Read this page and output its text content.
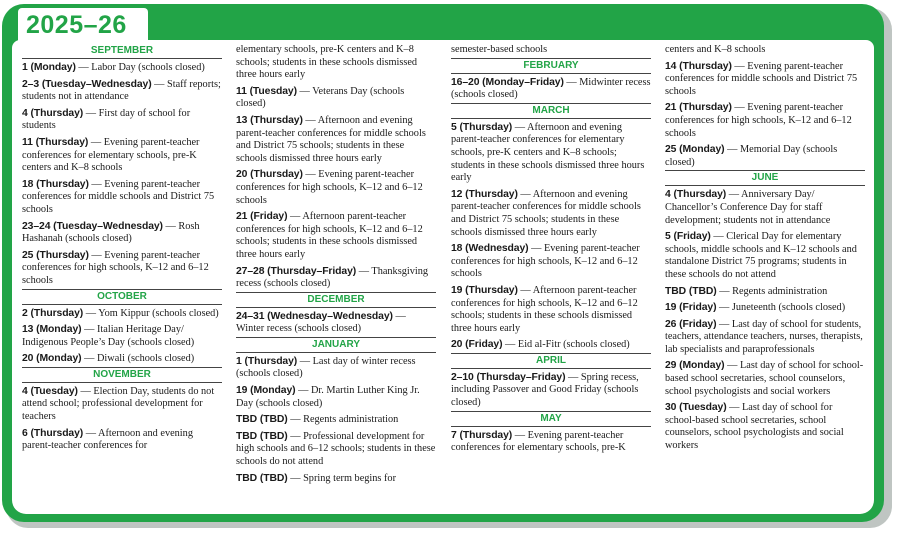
2025–26
SEPTEMBER
1 (Monday) — Labor Day (schools closed)
2–3 (Tuesday–Wednesday) — Staff reports; students not in attendance
4 (Thursday) — First day of school for students
11 (Thursday) — Evening parent-teacher conferences for elementary schools, pre-K centers and K–8 schools
18 (Thursday) — Evening parent-teacher conferences for middle schools and District 75 schools
23–24 (Tuesday–Wednesday) — Rosh Hashanah (schools closed)
25 (Thursday) — Evening parent-teacher conferences for high schools, K–12 and 6–12 schools
OCTOBER
2 (Thursday) — Yom Kippur (schools closed)
13 (Monday) — Italian Heritage Day/ Indigenous People’s Day (schools closed)
20 (Monday) — Diwali (schools closed)
NOVEMBER
4 (Tuesday) — Election Day, students do not attend school; professional development for teachers
6 (Thursday) — Afternoon and evening parent-teacher conferences for
elementary schools, pre-K centers and K–8 schools; students in these schools dismissed three hours early
11 (Tuesday) — Veterans Day (schools closed)
13 (Thursday) — Afternoon and evening parent-teacher conferences for middle schools and District 75 schools; students in these schools dismissed three hours early
20 (Thursday) — Evening parent-teacher conferences for high schools, K–12 and 6–12 schools
21 (Friday) — Afternoon parent-teacher conferences for high schools, K–12 and 6–12 schools; students in these schools dismissed three hours early
27–28 (Thursday–Friday) — Thanksgiving recess (schools closed)
DECEMBER
24–31 (Wednesday–Wednesday) — Winter recess (schools closed)
JANUARY
1 (Thursday) — Last day of winter recess (schools closed)
19 (Monday) — Dr. Martin Luther King Jr. Day (schools closed)
TBD (TBD) — Regents administration
TBD (TBD) — Professional development for high schools and 6–12 schools; students in these schools do not attend
TBD (TBD) — Spring term begins for
semester-based schools
FEBRUARY
16–20 (Monday–Friday) — Midwinter recess (schools closed)
MARCH
5 (Thursday) — Afternoon and evening parent-teacher conferences for elementary schools, pre-K centers and K–8 schools; students in these schools dismissed three hours early
12 (Thursday) — Afternoon and evening parent-teacher conferences for middle schools and District 75 schools; students in these schools dismissed three hours early
18 (Wednesday) — Evening parent-teacher conferences for high schools, K–12 and 6–12 schools
19 (Thursday) — Afternoon parent-teacher conferences for high schools, K–12 and 6–12 schools; students in these schools dismissed three hours early
20 (Friday) — Eid al-Fitr (schools closed)
APRIL
2–10 (Thursday–Friday) — Spring recess, including Passover and Good Friday (schools closed)
MAY
7 (Thursday) — Evening parent-teacher conferences for elementary schools, pre-K
centers and K–8 schools
14 (Thursday) — Evening parent-teacher conferences for middle schools and District 75 schools
21 (Thursday) — Evening parent-teacher conferences for high schools, K–12 and 6–12 schools
25 (Monday) — Memorial Day (schools closed)
JUNE
4 (Thursday) — Anniversary Day/ Chancellor’s Conference Day for staff development; students not in attendance
5 (Friday) — Clerical Day for elementary schools, middle schools and K–12 schools and standalone District 75 programs; students in these schools do not attend
TBD (TBD) — Regents administration
19 (Friday) — Juneteenth (schools closed)
26 (Friday) — Last day of school for students, teachers, attendance teachers, nurses, therapists, lab specialists and paraprofessionals
29 (Monday) — Last day of school for school-based school secretaries, school counselors, school psychologists and social workers
30 (Tuesday) — Last day of school for school-based school secretaries, school counselors, school psychologists and social workers
